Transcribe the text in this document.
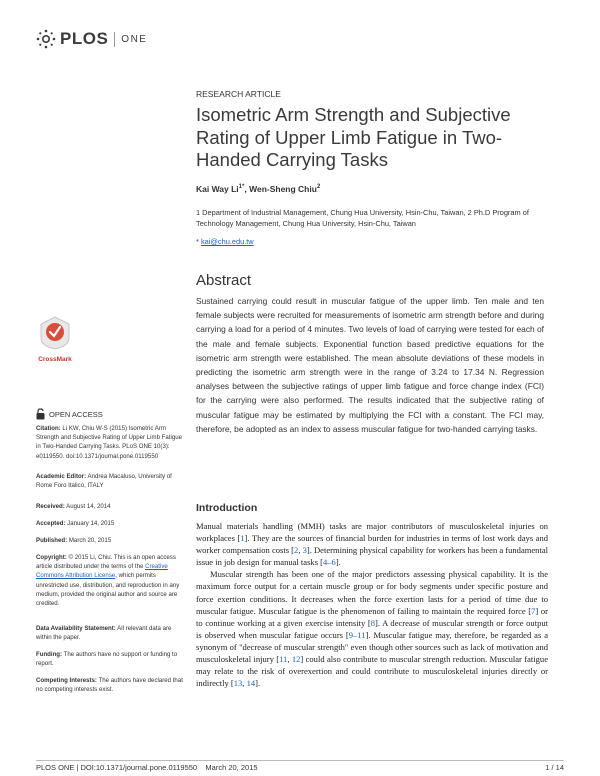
PLOS ONE
RESEARCH ARTICLE
Isometric Arm Strength and Subjective Rating of Upper Limb Fatigue in Two-Handed Carrying Tasks
Kai Way $Li^{1*}$, Wen-Sheng Chiu$^2$
1 Department of Industrial Management, Chung Hua University, Hsin-Chu, Taiwan, 2 Ph.D Program of Technology Management, Chung Hua University, Hsin-Chu, Taiwan
* kai@chu.edu.tw
Abstract
Sustained carrying could result in muscular fatigue of the upper limb. Ten male and ten female subjects were recruited for measurements of isometric arm strength before and during carrying a load for a period of 4 minutes. Two levels of load of carrying were tested for each of the male and female subjects. Exponential function based predictive equations for the isometric arm strength were established. The mean absolute deviations of these models in predicting the isometric arm strength were in the range of 3.24 to 17.34 N. Regression analyses between the subjective ratings of upper limb fatigue and force change index (FCI) for the carrying were also performed. The results indicated that the subjective rating of muscular fatigue may be estimated by multiplying the FCI with a constant. The FCI may, therefore, be adopted as an index to assess muscular fatigue for two-handed carrying tasks.
CrossMark
OPEN ACCESS
Citation: Li KW, Chiu W-S (2015) Isometric Arm Strength and Subjective Rating of Upper Limb Fatigue in Two-Handed Carrying Tasks. PLoS ONE 10(3): e0119550. doi:10.1371/journal.pone.0119550
Academic Editor: Andrea Macaluso, University of Rome Foro Italico, ITALY
Received: August 14, 2014
Accepted: January 14, 2015
Published: March 20, 2015
Copyright: © 2015 Li, Chiu. This is an open access article distributed under the terms of the Creative Commons Attribution License, which permits unrestricted use, distribution, and reproduction in any medium, provided the original author and source are credited.
Data Availability Statement: All relevant data are within the paper.
Funding: The authors have no support or funding to report.
Competing Interests: The authors have declared that no competing interests exist.
Introduction

Manual materials handling (MMH) tasks are major contributors of musculoskeletal injuries on workplaces [1]. They are the sources of financial burden for industries in terms of lost work days and worker compensation costs [2, 3]. Determining physical capability for workers has been a fundamental issue in job design for manual tasks [4–6].

Muscular strength has been one of the major predictors assessing physical capability. It is the maximum force output for a certain muscle group or for body segments under specific posture and force exertion conditions. It decreases when the force exertion lasts for a period of time due to muscular fatigue. Muscular fatigue is the phenomenon of failing to maintain the required force [7] or to continue working at a given exercise intensity [8]. A decrease of muscular strength or force output is observed when muscular fatigue occurs [9–11]. Muscular fatigue may, therefore, be regarded as a synonym of "decrease of muscular strength" even though other sources such as lack of motivation and musculoskeletal injury [11, 12] could also contribute to muscular strength reduction. Muscular fatigue may relate to the risk of overexertion and could contribute to musculoskeletal injuries directly or indirectly [13, 14].

PLOS ONE | DOI:10.1371/journal.pone.0119550    March 20, 2015	1 / 14
